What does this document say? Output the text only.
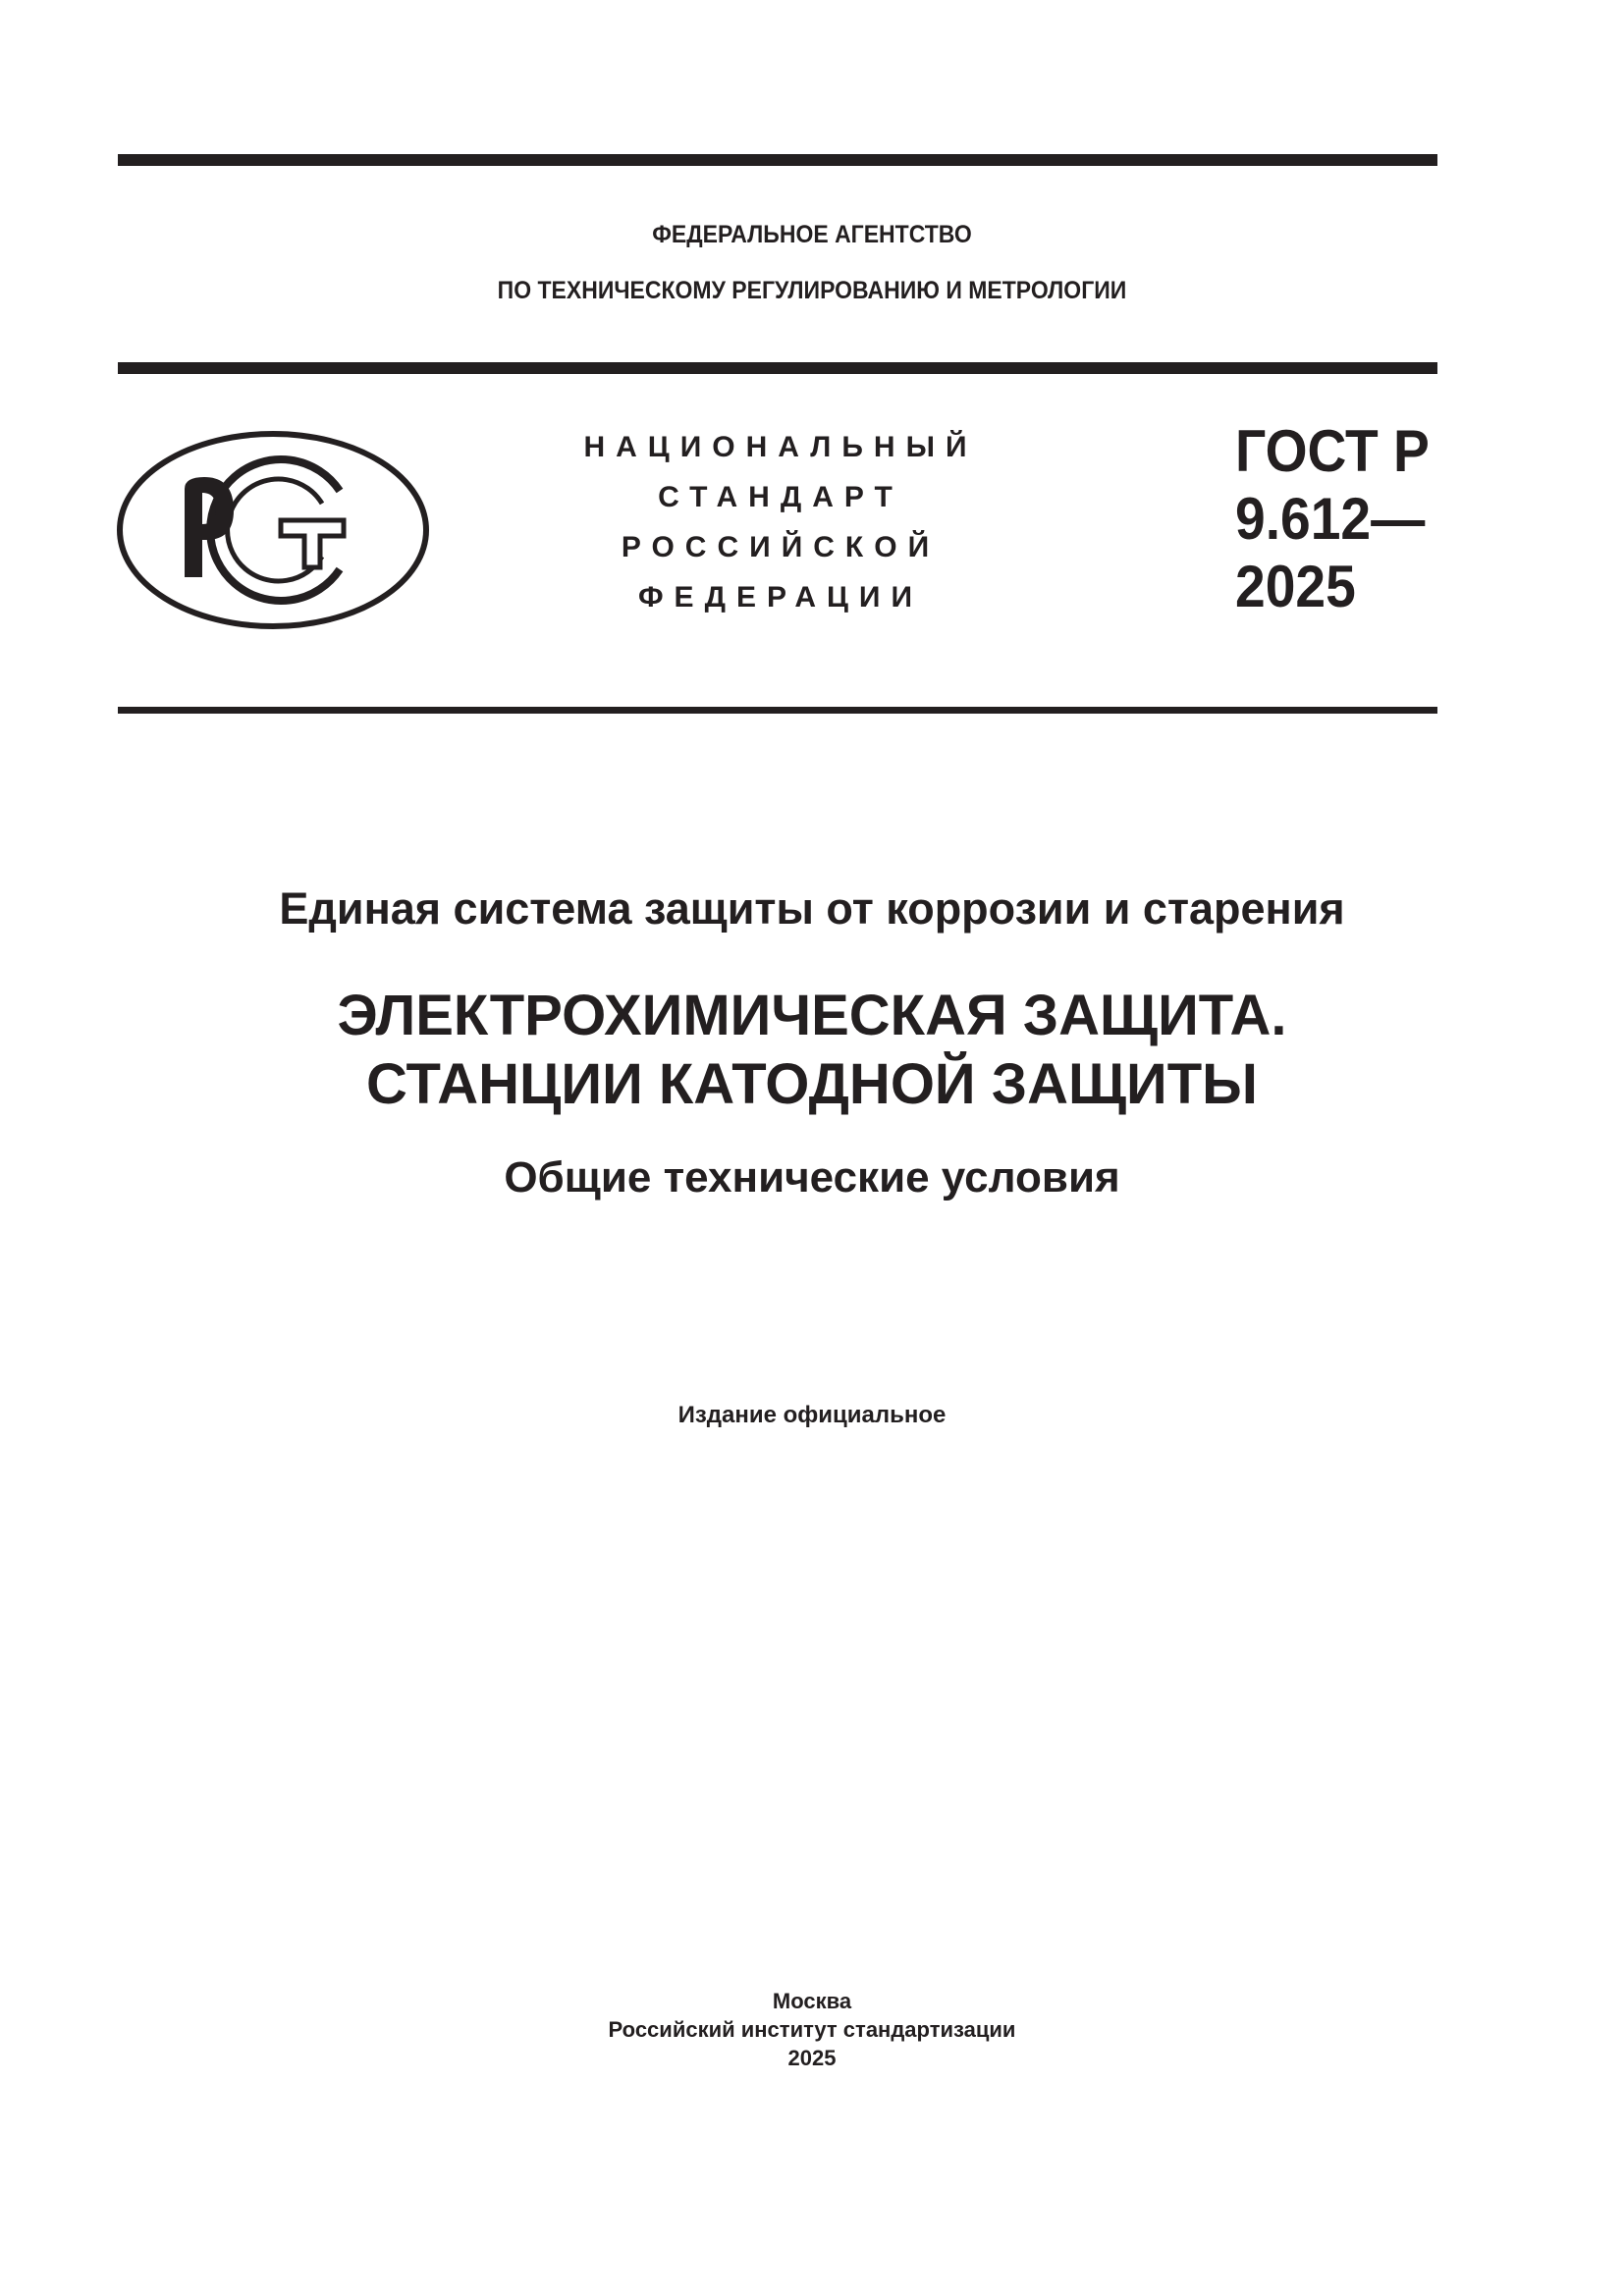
ФЕДЕРАЛЬНОЕ АГЕНТСТВО
ПО ТЕХНИЧЕСКОМУ РЕГУЛИРОВАНИЮ И МЕТРОЛОГИИ
НАЦИОНАЛЬНЫЙ
СТАНДАРТ
РОССИЙСКОЙ
ФЕДЕРАЦИИ
ГОСТ Р
9.612—
2025
Единая система защиты от коррозии и старения
ЭЛЕКТРОХИМИЧЕСКАЯ ЗАЩИТА.
СТАНЦИИ КАТОДНОЙ ЗАЩИТЫ
Общие технические условия
Издание официальное
Москва
Российский институт стандартизации
2025
